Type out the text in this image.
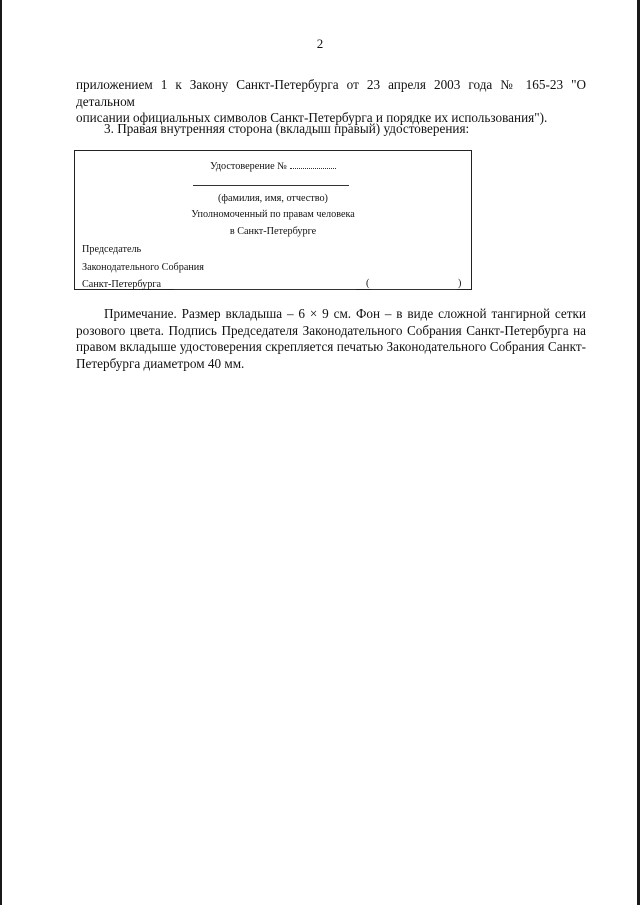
2
приложением 1 к Закону Санкт-Петербурга от 23 апреля 2003 года № 165-23 "О детальном
описании официальных символов Санкт-Петербурга и порядке их использования").
3. Правая внутренняя сторона (вкладыш правый) удостоверения:
Удостоверение №
(фамилия, имя, отчество)
Уполномоченный по правам человека
в Санкт-Петербурге
Председатель
Законодательного Собрания
Санкт-Петербурга	(	)
Примечание. Размер вкладыша – 6 × 9 см. Фон – в виде сложной тангирной сетки розового цвета. Подпись Председателя Законодательного Собрания Санкт-Петербурга на правом вкладыше удостоверения скрепляется печатью Законодательного Собрания Санкт-Петербурга диаметром 40 мм.
